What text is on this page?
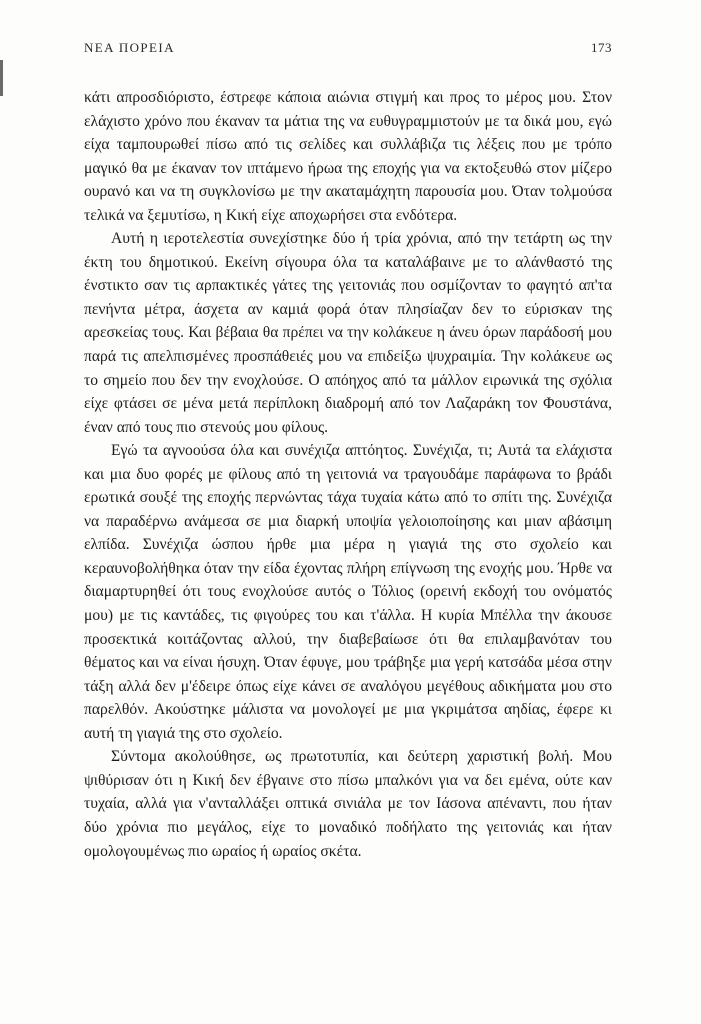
ΝΕΑ ΠΟΡΕΙΑ	173

κάτι απροσδιόριστο, έστρεφε κάποια αιώνια στιγμή και προς το μέρος μου. Στον ελάχιστο χρόνο που έκαναν τα μάτια της να ευθυγραμμιστούν με τα δικά μου, εγώ είχα ταμπουρωθεί πίσω από τις σελίδες και συλλάβιζα τις λέξεις που με τρόπο μαγικό θα με έκαναν τον ιπτάμενο ήρωα της εποχής για να εκτοξευθώ στον μίζερο ουρανό και να τη συγκλονίσω με την ακαταμάχητη παρουσία μου. Όταν τολμούσα τελικά να ξεμυτίσω, η Κική είχε αποχωρήσει στα ενδότερα.

Αυτή η ιεροτελεστία συνεχίστηκε δύο ή τρία χρόνια, από την τετάρτη ως την έκτη του δημοτικού. Εκείνη σίγουρα όλα τα καταλάβαινε με το αλάνθαστό της ένστικτο σαν τις αρπακτικές γάτες της γειτονιάς που οσμίζονταν το φαγητό απ'τα πενήντα μέτρα, άσχετα αν καμιά φορά όταν πλησίαζαν δεν το εύρισκαν της αρεσκείας τους. Και βέβαια θα πρέπει να την κολάκευε η άνευ όρων παράδοσή μου παρά τις απελπισμένες προσπάθειές μου να επιδείξω ψυχραιμία. Την κολάκευε ως το σημείο που δεν την ενοχλούσε. Ο απόηχος από τα μάλλον ειρωνικά της σχόλια είχε φτάσει σε μένα μετά περίπλοκη διαδρομή από τον Λαζαράκη τον Φουστάνα, έναν από τους πιο στενούς μου φίλους.

Εγώ τα αγνοούσα όλα και συνέχιζα απτόητος. Συνέχιζα, τι; Αυτά τα ελάχιστα και μια δυο φορές με φίλους από τη γειτονιά να τραγουδάμε παράφωνα το βράδι ερωτικά σουξέ της εποχής περνώντας τάχα τυχαία κάτω από το σπίτι της. Συνέχιζα να παραδέρνω ανάμεσα σε μια διαρκή υποψία γελοιοποίησης και μιαν αβάσιμη ελπίδα. Συνέχιζα ώσπου ήρθε μια μέρα η γιαγιά της στο σχολείο και κεραυνοβολήθηκα όταν την είδα έχοντας πλήρη επίγνωση της ενοχής μου. Ήρθε να διαμαρτυρηθεί ότι τους ενοχλούσε αυτός ο Τόλιος (ορεινή εκδοχή του ονόματός μου) με τις καντάδες, τις φιγούρες του και τ'άλλα. Η κυρία Μπέλλα την άκουσε προσεκτικά κοιτάζοντας αλλού, την διαβεβαίωσε ότι θα επιλαμβανόταν του θέματος και να είναι ήσυχη. Όταν έφυγε, μου τράβηξε μια γερή κατσάδα μέσα στην τάξη αλλά δεν μ'έδειρε όπως είχε κάνει σε αναλόγου μεγέθους αδικήματα μου στο παρελθόν. Ακούστηκε μάλιστα να μονολογεί με μια γκριμάτσα αηδίας, έφερε κι αυτή τη γιαγιά της στο σχολείο.

Σύντομα ακολούθησε, ως πρωτοτυπία, και δεύτερη χαριστική βολή. Μου ψιθύρισαν ότι η Κική δεν έβγαινε στο πίσω μπαλκόνι για να δει εμένα, ούτε καν τυχαία, αλλά για ν'ανταλλάξει οπτικά σινιάλα με τον Ιάσονα απέναντι, που ήταν δύο χρόνια πιο μεγάλος, είχε το μοναδικό ποδήλατο της γειτονιάς και ήταν ομολογουμένως πιο ωραίος ή ωραίος σκέτα.
